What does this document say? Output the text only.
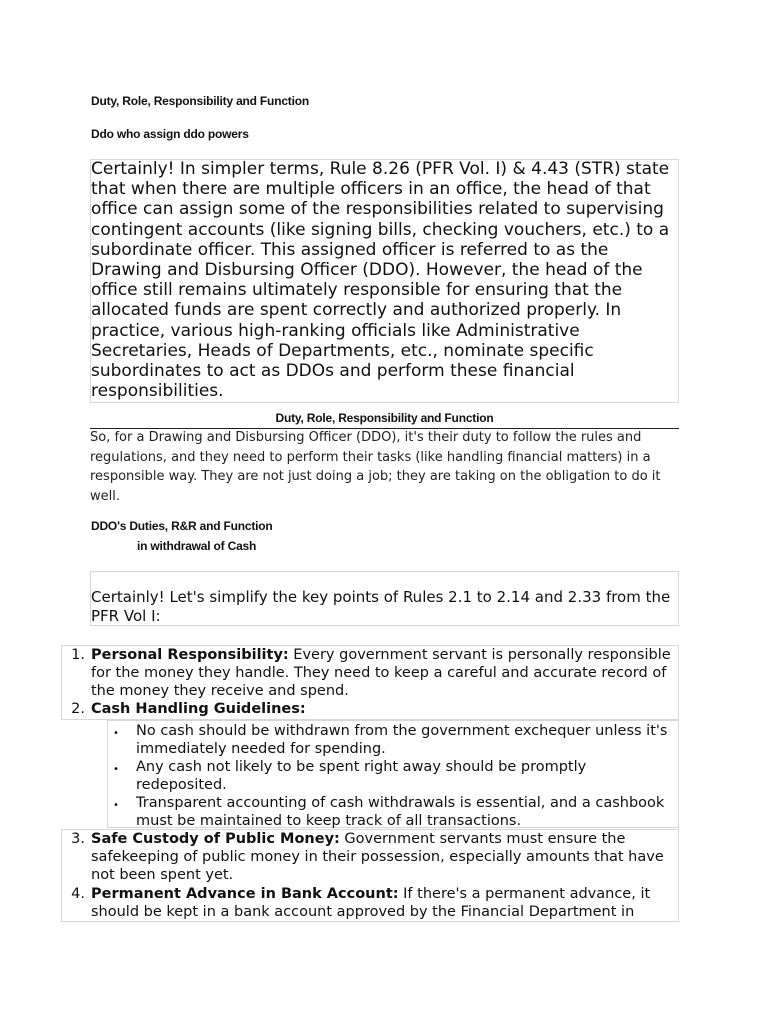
Duty, Role, Responsibility and Function
Ddo who assign ddo powers
Certainly! In simpler terms, Rule 8.26 (PFR Vol. I) & 4.43 (STR) state that when there are multiple officers in an office, the head of that office can assign some of the responsibilities related to supervising contingent accounts (like signing bills, checking vouchers, etc.) to a subordinate officer. This assigned officer is referred to as the Drawing and Disbursing Officer (DDO). However, the head of the office still remains ultimately responsible for ensuring that the allocated funds are spent correctly and authorized properly. In practice, various high-ranking officials like Administrative Secretaries, Heads of Departments, etc., nominate specific subordinates to act as DDOs and perform these financial responsibilities.
Duty, Role, Responsibility and Function
So, for a Drawing and Disbursing Officer (DDO), it's their duty to follow the rules and regulations, and they need to perform their tasks (like handling financial matters) in a responsible way. They are not just doing a job; they are taking on the obligation to do it well.
DDO's Duties, R&R and Function
in withdrawal of Cash
Certainly! Let's simplify the key points of Rules 2.1 to 2.14 and 2.33 from the PFR Vol I:
1. Personal Responsibility: Every government servant is personally responsible for the money they handle. They need to keep a careful and accurate record of the money they receive and spend.
2. Cash Handling Guidelines:
• No cash should be withdrawn from the government exchequer unless it's immediately needed for spending.
• Any cash not likely to be spent right away should be promptly redeposited.
• Transparent accounting of cash withdrawals is essential, and a cashbook must be maintained to keep track of all transactions.
3. Safe Custody of Public Money: Government servants must ensure the safekeeping of public money in their possession, especially amounts that have not been spent yet.
4. Permanent Advance in Bank Account: If there's a permanent advance, it should be kept in a bank account approved by the Financial Department in
